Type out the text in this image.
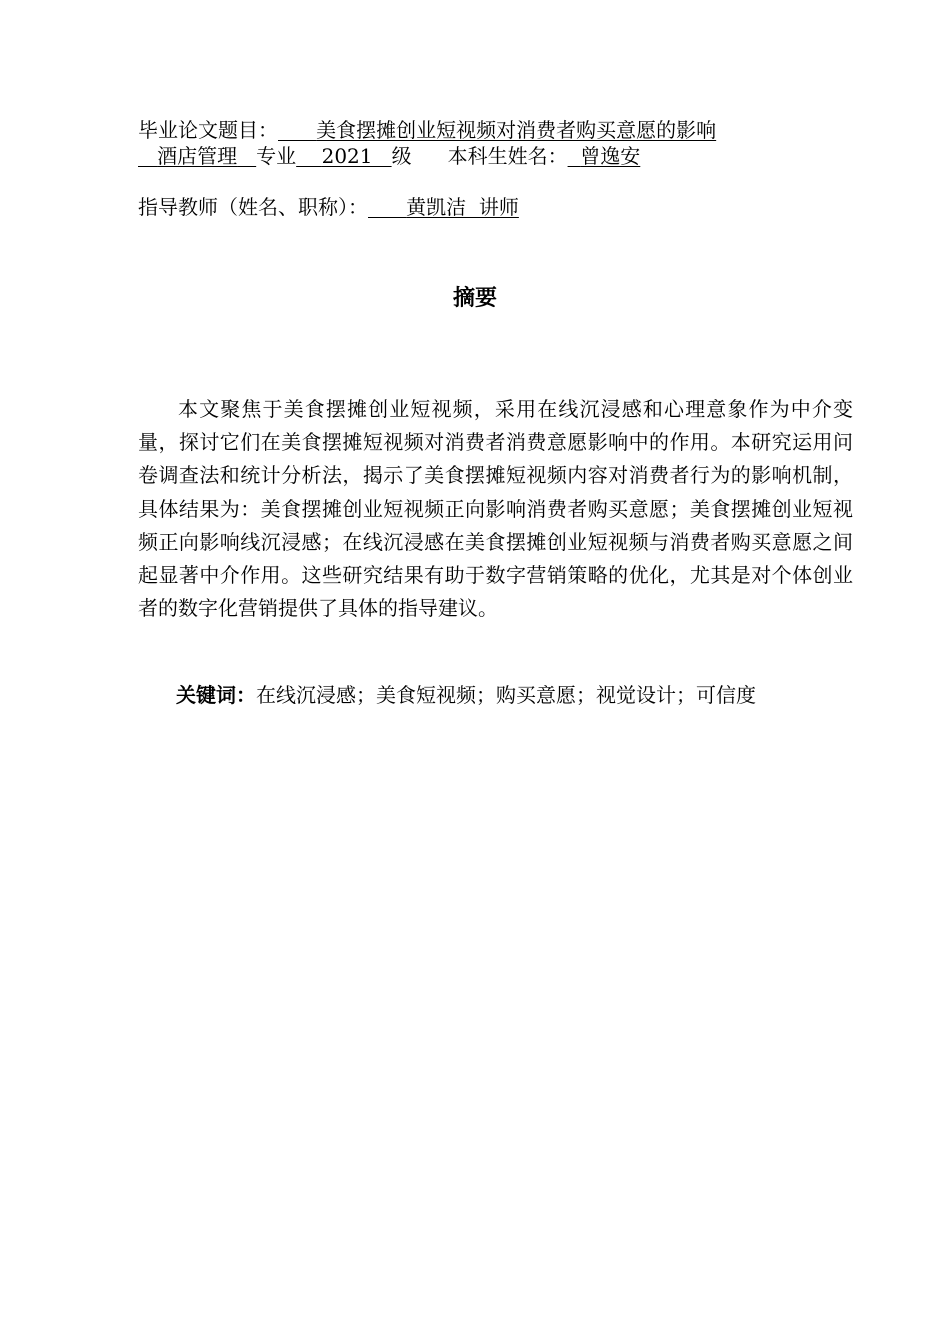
毕业论文题目： 美食摆摊创业短视频对消费者购买意愿的影响
酒店管理 专业 2021 级 本科生姓名： 曾逸安
指导教师（姓名、职称）： 黄凯洁  讲师
摘要

本文聚焦于美食摆摊创业短视频，采用在线沉浸感和心理意象作为中介变量，探讨它们在美食摆摊短视频对消费者消费意愿影响中的作用。本研究运用问卷调查法和统计分析法，揭示了美食摆摊短视频内容对消费者行为的影响机制，具体结果为：美食摆摊创业短视频正向影响消费者购买意愿；美食摆摊创业短视频正向影响线沉浸感；在线沉浸感在美食摆摊创业短视频与消费者购买意愿之间起显著中介作用。这些研究结果有助于数字营销策略的优化，尤其是对个体创业者的数字化营销提供了具体的指导建议。

关键词：在线沉浸感；美食短视频；购买意愿；视觉设计；可信度
